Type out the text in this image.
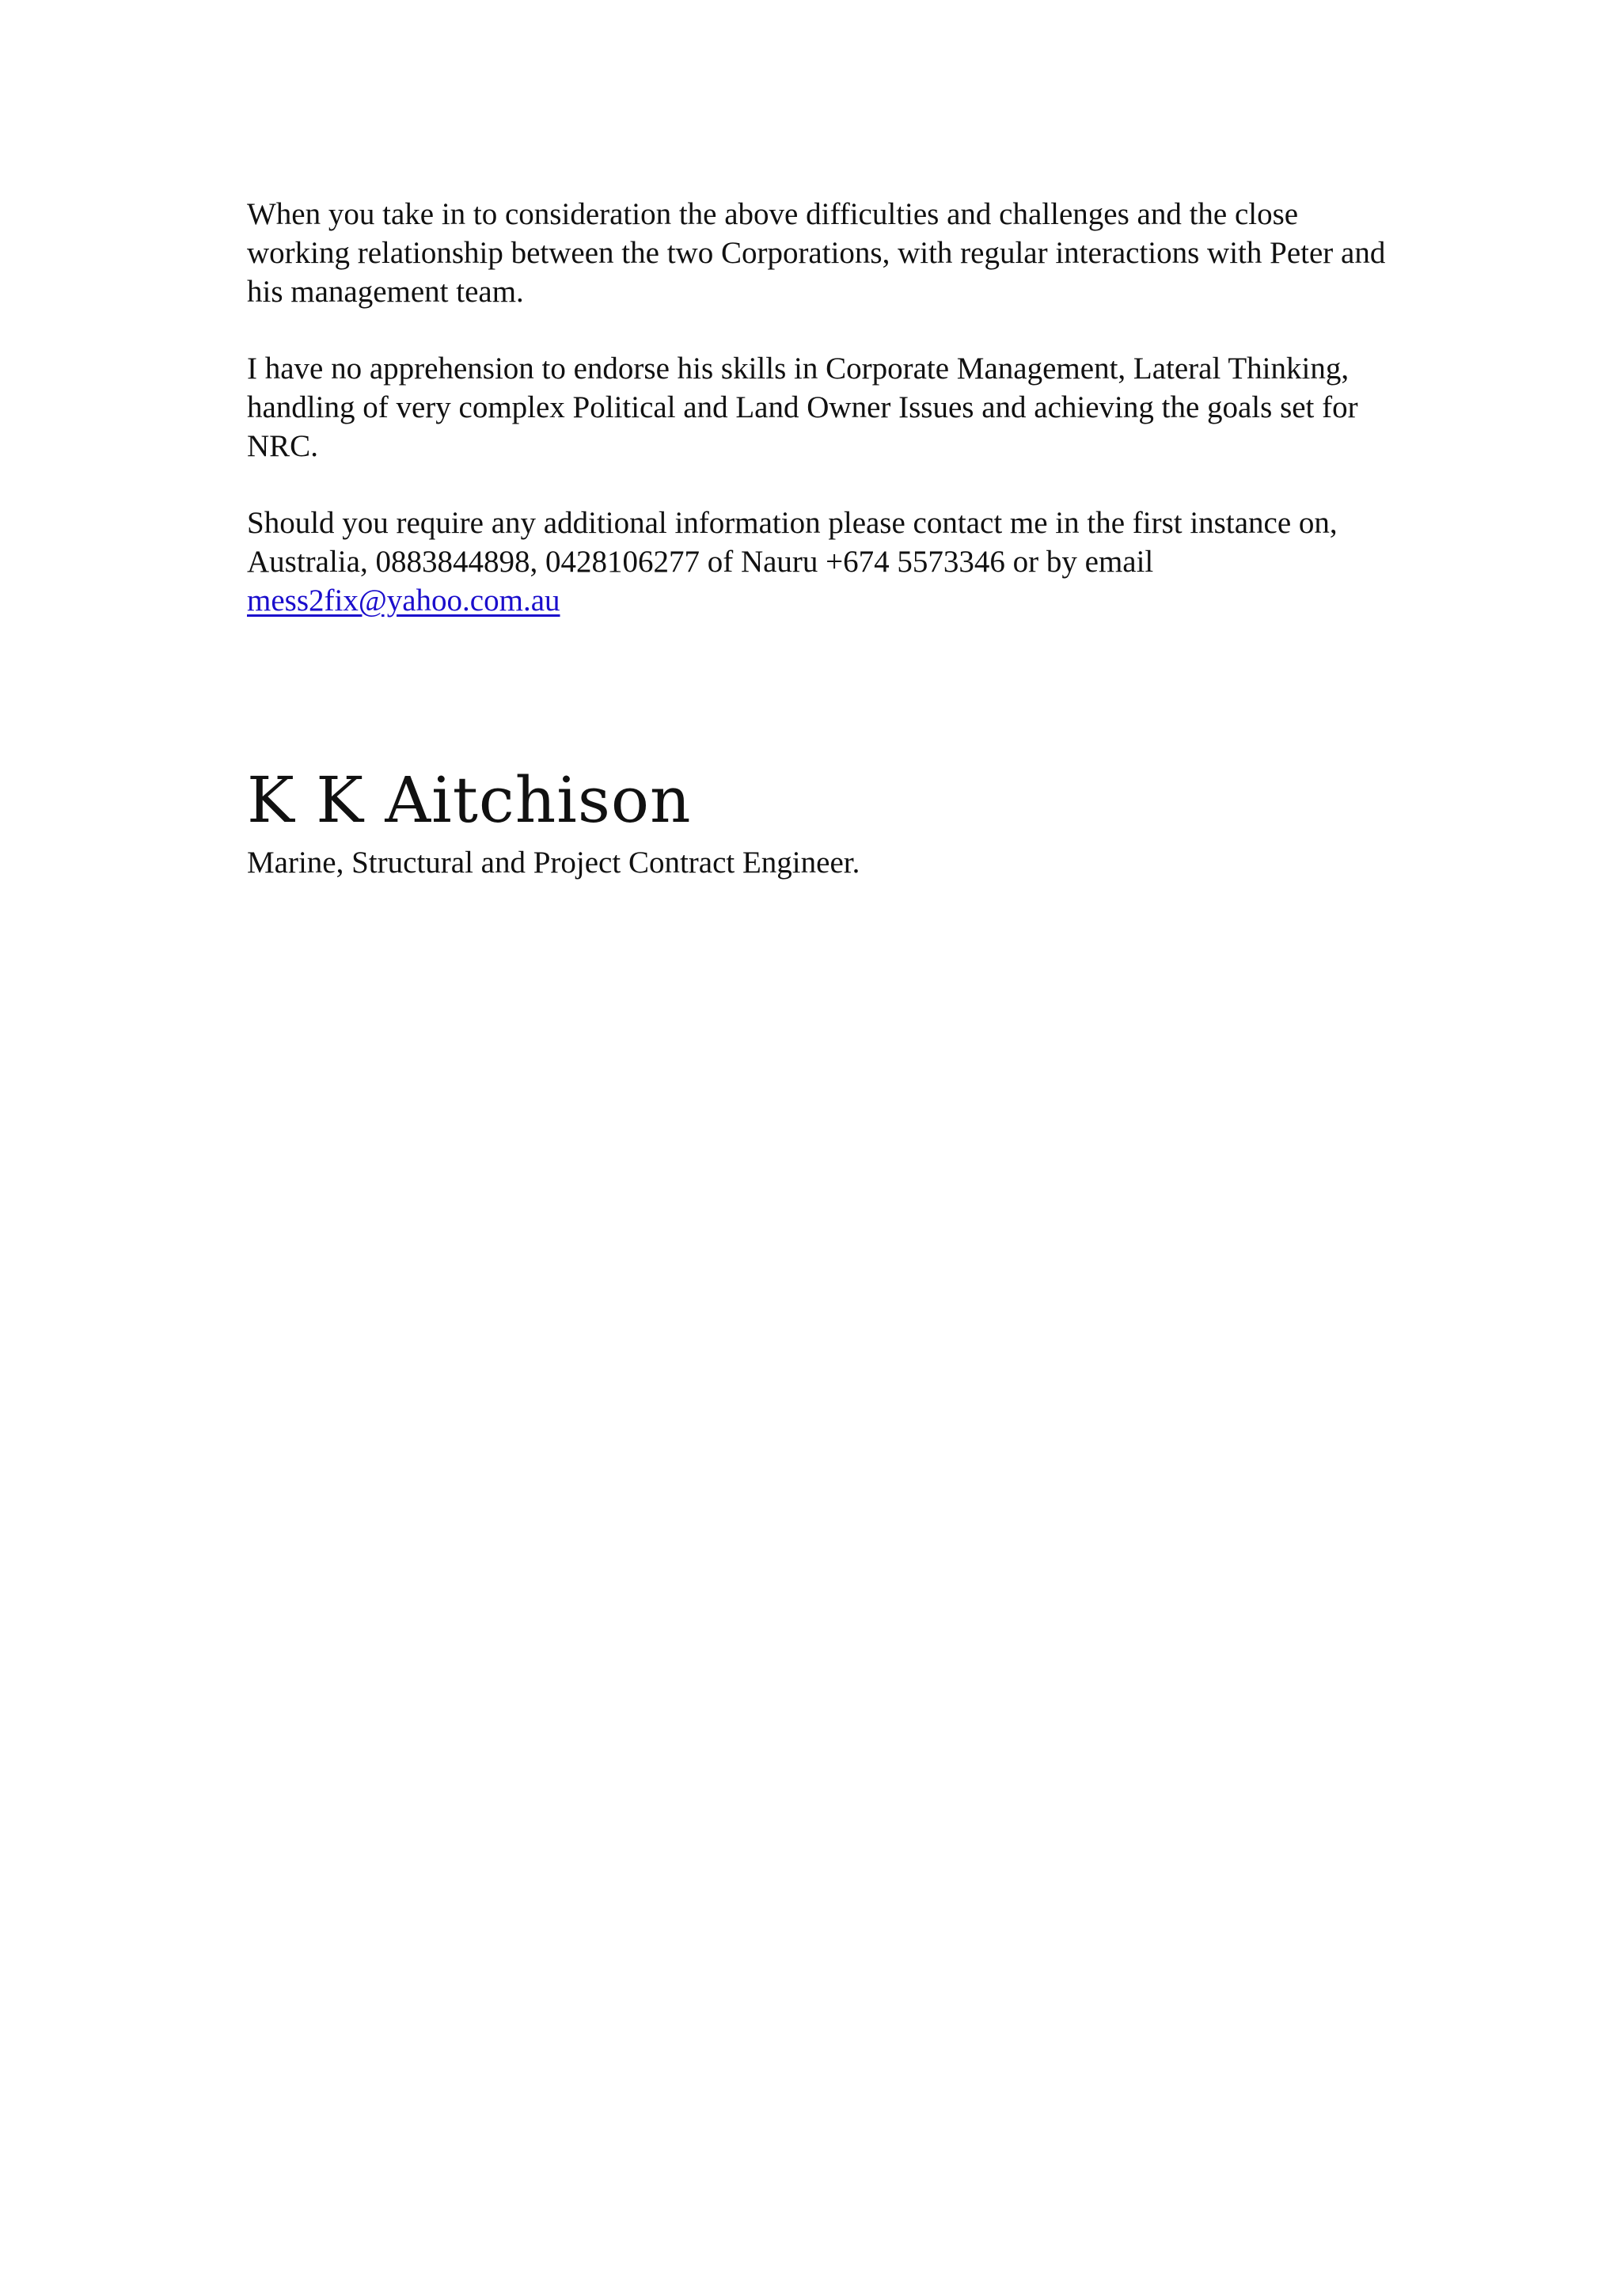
When you take in to consideration the above difficulties and challenges and the close working relationship between the two Corporations, with regular interactions with Peter and his management team.

I have no apprehension to endorse his skills in Corporate Management, Lateral Thinking, handling of very complex Political and Land Owner Issues and achieving the goals set for NRC.

Should you require any additional information please contact me in the first instance on, Australia, 0883844898, 0428106277 of Nauru +674 5573346 or by email mess2fix@yahoo.com.au

K K Aitchison
Marine, Structural and Project Contract Engineer.
